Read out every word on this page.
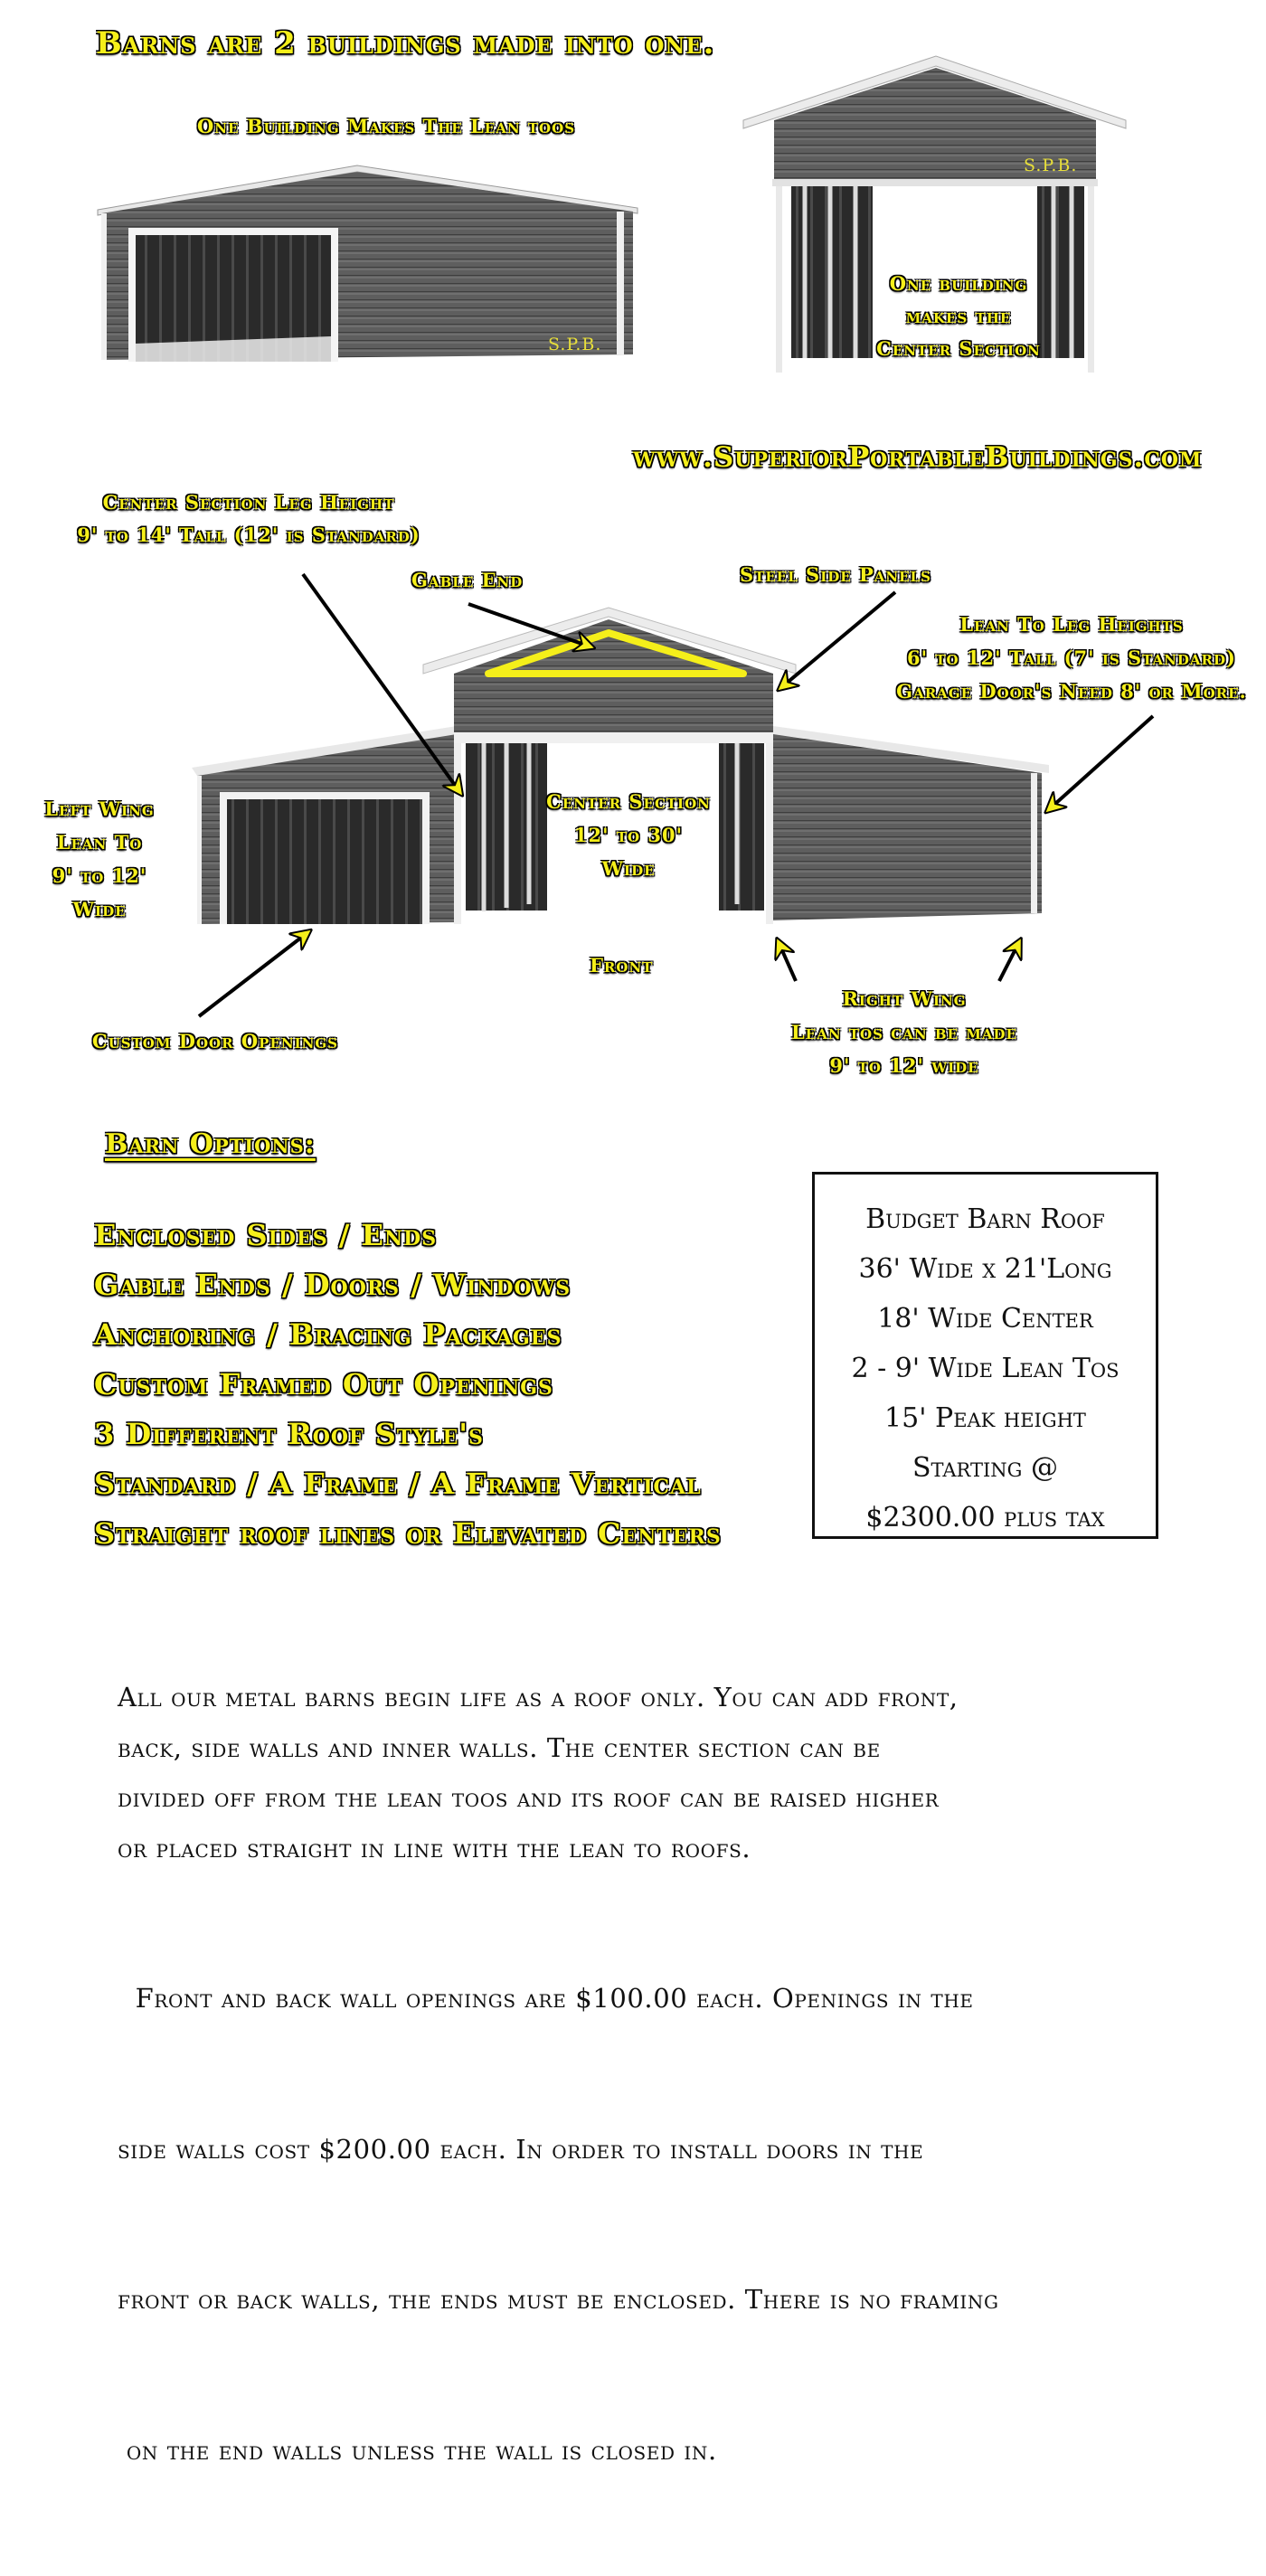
Barns are 2 buildings made into one.
One Building Makes The Lean toos
One building
makes the
Center Section
S.P.B.
S.P.B.
www.SuperiorPortableBuildings.com
Center Section Leg Height
9' to 14' Tall (12' is Standard)
Gable End	Steel Side Panels
Lean To Leg Heights
6' to 12' Tall (7' is Standard)
Garage Door's Need 8' or More.
Left Wing
Lean To
9' to 12'
Wide
Center Section
12' to 30'
Wide
Front
Custom Door Openings
Right Wing
Lean tos can be made
9' to 12' wide
Barn Options:
Enclosed Sides / Ends
Gable Ends / Doors / Windows
Anchoring / Bracing Packages
Custom Framed Out Openings
3 Different Roof Style's
Standard / A Frame / A Frame Vertical
Straight roof lines or Elevated Centers
Budget Barn Roof
36' Wide x 21'Long
18' Wide Center
2 - 9' Wide Lean Tos
15' Peak height
Starting @
$2300.00 plus tax
All our metal barns begin life as a roof only. You can add front,
back, side walls and inner walls. The center section can be
divided off from the lean toos and its roof can be raised higher
or placed straight in line with the lean to roofs.

Front and back wall openings are $100.00 each. Openings in the

side walls cost $200.00 each. In order to install doors in the

front or back walls, the ends must be enclosed. There is no framing

on the end walls unless the wall is closed in.
